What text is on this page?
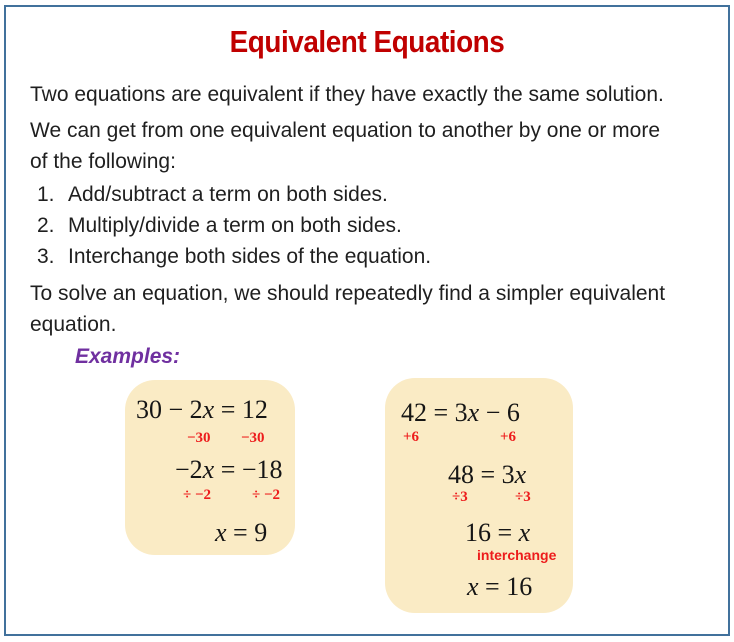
Equivalent Equations

Two equations are equivalent if they have exactly the same solution.

We can get from one equivalent equation to another by one or more of the following:

1. Add/subtract a term on both sides.
2. Multiply/divide a term on both sides.
3. Interchange both sides of the equation.

To solve an equation, we should repeatedly find a simpler equivalent equation.

Examples:
30 − 2x = 12
−30 −30
−2x = −18
÷ −2	÷ −2
x = 9
42 = 3x − 6
+6	+6
48 = 3x
÷3	÷3
16 = x
interchange
x = 16
